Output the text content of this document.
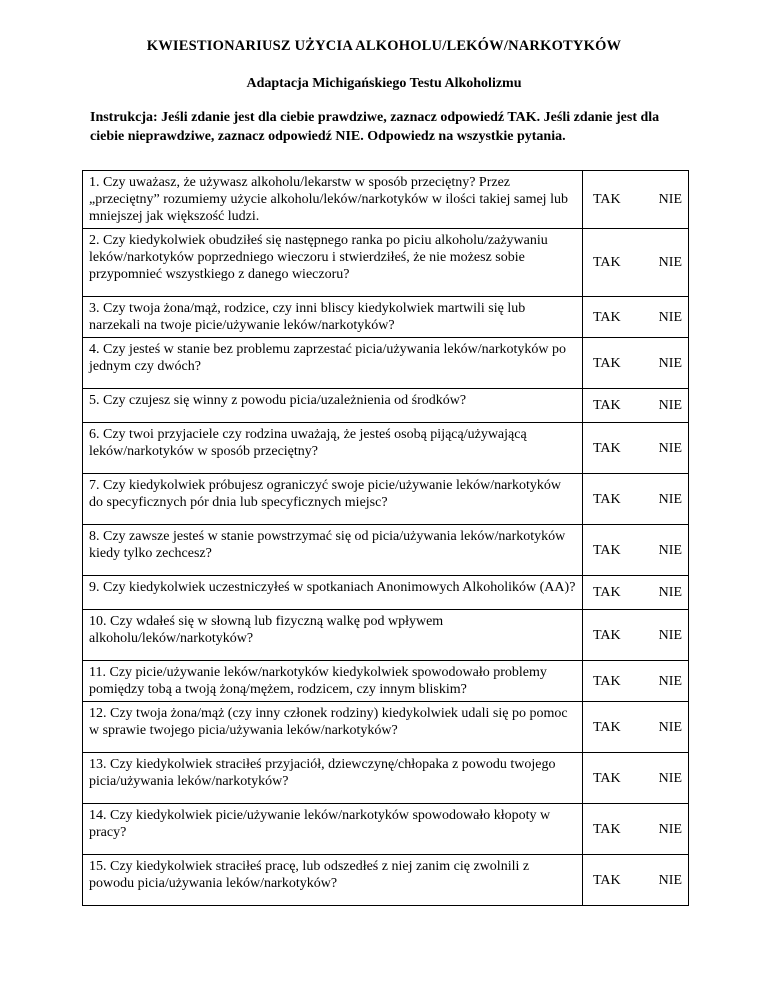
KWIESTIONARIUSZ UŻYCIA ALKOHOLU/LEKÓW/NARKOTYKÓW
Adaptacja Michigańskiego Testu Alkoholizmu
Instrukcja: Jeśli zdanie jest dla ciebie prawdziwe, zaznacz odpowiedź TAK. Jeśli zdanie jest dla ciebie nieprawdziwe, zaznacz odpowiedź NIE. Odpowiedz na wszystkie pytania.
1. Czy uważasz, że używasz alkoholu/lekarstw w sposób przeciętny? Przez „przeciętny” rozumiemy użycie alkoholu/leków/narkotyków w ilości takiej samej lub mniejszej jak większość ludzi.	TAK NIE

2. Czy kiedykolwiek obudziłeś się następnego ranka po piciu alkoholu/zażywaniu leków/narkotyków poprzedniego wieczoru i stwierdziłeś, że nie możesz sobie przypomnieć wszystkiego z danego wieczoru?	TAK NIE

3. Czy twoja żona/mąż, rodzice, czy inni bliscy kiedykolwiek martwili się lub narzekali na twoje picie/używanie leków/narkotyków?	TAK NIE

4. Czy jesteś w stanie bez problemu zaprzestać picia/używania leków/narkotyków po jednym czy dwóch?	TAK NIE

5. Czy czujesz się winny z powodu picia/uzależnienia od środków?	TAK NIE

6. Czy twoi przyjaciele czy rodzina uważają, że jesteś osobą pijącą/używającą leków/narkotyków w sposób przeciętny?	TAK NIE

7. Czy kiedykolwiek próbujesz ograniczyć swoje picie/używanie leków/narkotyków do specyficznych pór dnia lub specyficznych miejsc?	TAK NIE

8. Czy zawsze jesteś w stanie powstrzymać się od picia/używania leków/narkotyków kiedy tylko zechcesz?	TAK NIE

9. Czy kiedykolwiek uczestniczyłeś w spotkaniach Anonimowych Alkoholików (AA)?	TAK NIE

10. Czy wdałeś się w słowną lub fizyczną walkę pod wpływem alkoholu/leków/narkotyków?	TAK NIE

11. Czy picie/używanie leków/narkotyków kiedykolwiek spowodowało problemy pomiędzy tobą a twoją żoną/mężem, rodzicem, czy innym bliskim?	TAK NIE

12. Czy twoja żona/mąż (czy inny członek rodziny) kiedykolwiek udali się po pomoc w sprawie twojego picia/używania leków/narkotyków?	TAK NIE

13. Czy kiedykolwiek straciłeś przyjaciół, dziewczynę/chłopaka z powodu twojego picia/używania leków/narkotyków?	TAK NIE

14. Czy kiedykolwiek picie/używanie leków/narkotyków spowodowało kłopoty w pracy?	TAK NIE

15. Czy kiedykolwiek straciłeś pracę, lub odszedłeś z niej zanim cię zwolnili z powodu picia/używania leków/narkotyków?	TAK NIE
